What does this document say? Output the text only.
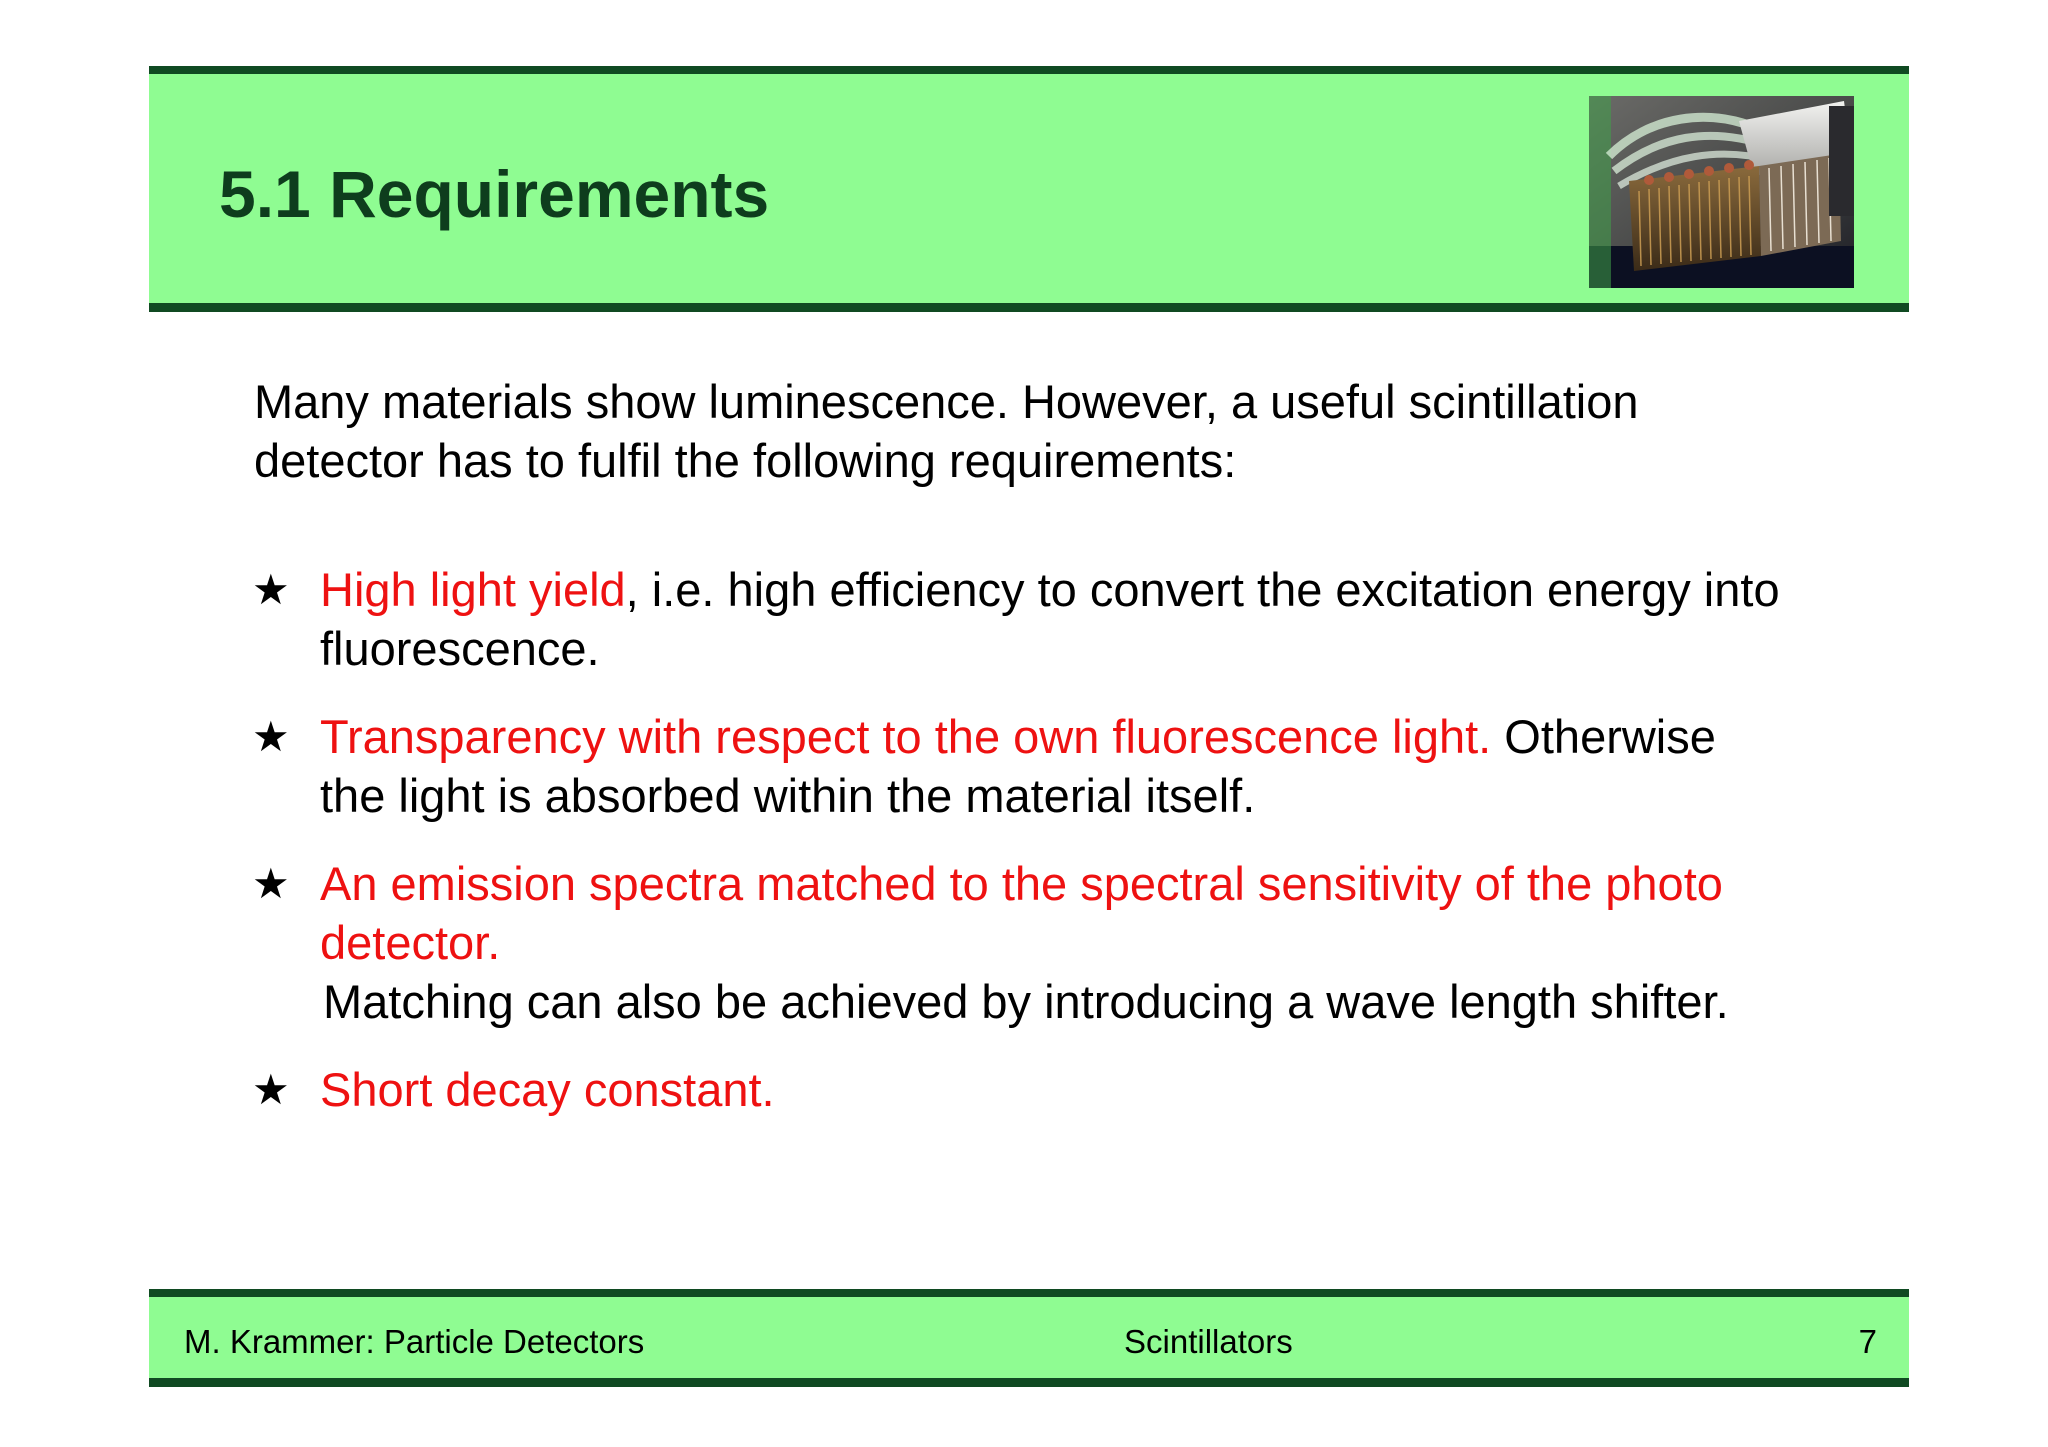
5.1 Requirements
Many materials show luminescence. However, a useful scintillation
detector has to fulfil the following requirements:
★ High light yield, i.e. high efficiency to convert the excitation energy into
fluorescence.
★ Transparency with respect to the own fluorescence light. Otherwise
the light is absorbed within the material itself.
★ An emission spectra matched to the spectral sensitivity of the photo
detector.
Matching can also be achieved by introducing a wave length shifter.
★ Short decay constant.
M. Krammer: Particle Detectors	Scintillators	7
